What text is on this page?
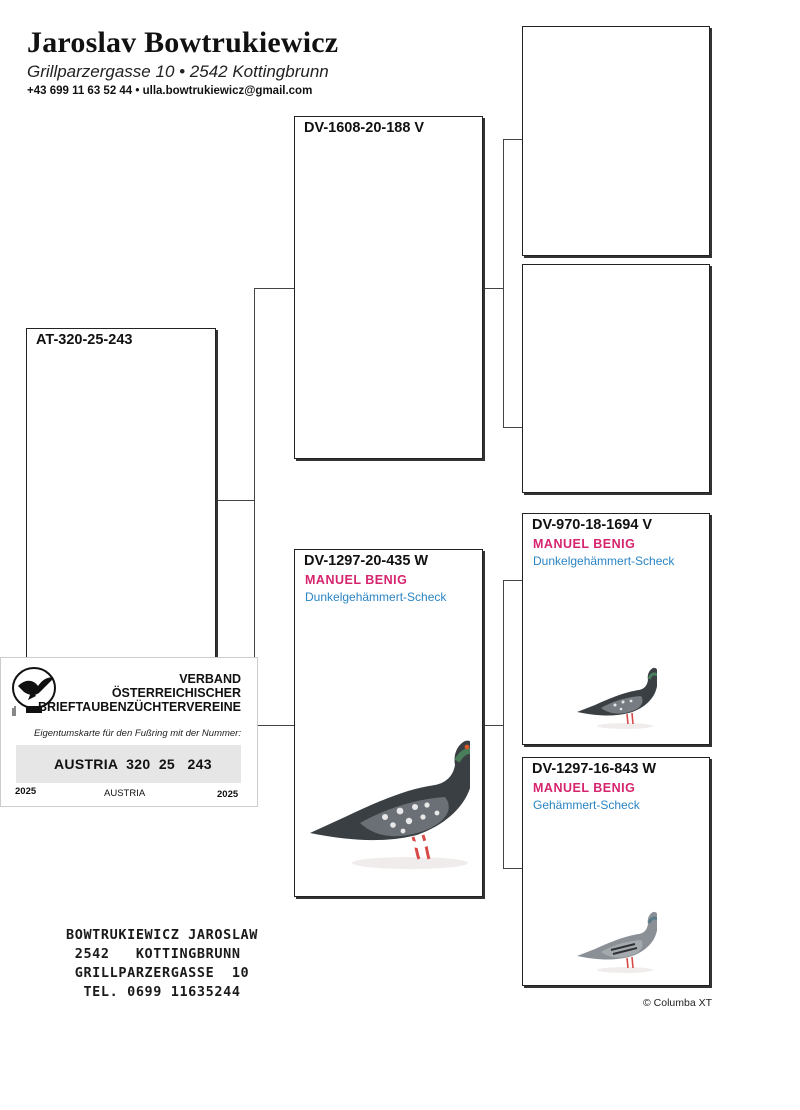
Jaroslav Bowtrukiewicz
Grillparzergasse 10 • 2542 Kottingbrunn
+43 699 11 63 52 44 • ulla.bowtrukiewicz@gmail.com
AT-320-25-243
DV-1608-20-188 V
DV-1297-20-435 W
MANUEL BENIG
Dunkelgehämmert-Scheck
DV-970-18-1694 V
MANUEL BENIG
Dunkelgehämmert-Scheck
DV-1297-16-843 W
MANUEL BENIG
Gehämmert-Scheck
VERBAND
ÖSTERREICHISCHER
BRIEFTAUBENZÜCHTERVEREINE
Eigentumskarte für den Fußring mit der Nummer:
AUSTRIA  320  25   243
2025	AUSTRIA	2025
BOWTRUKIEWICZ JAROSLAW
2542   KOTTINGBRUNN
GRILLPARZERGASSE  10
TEL. 0699 11635244
© Columba XT
